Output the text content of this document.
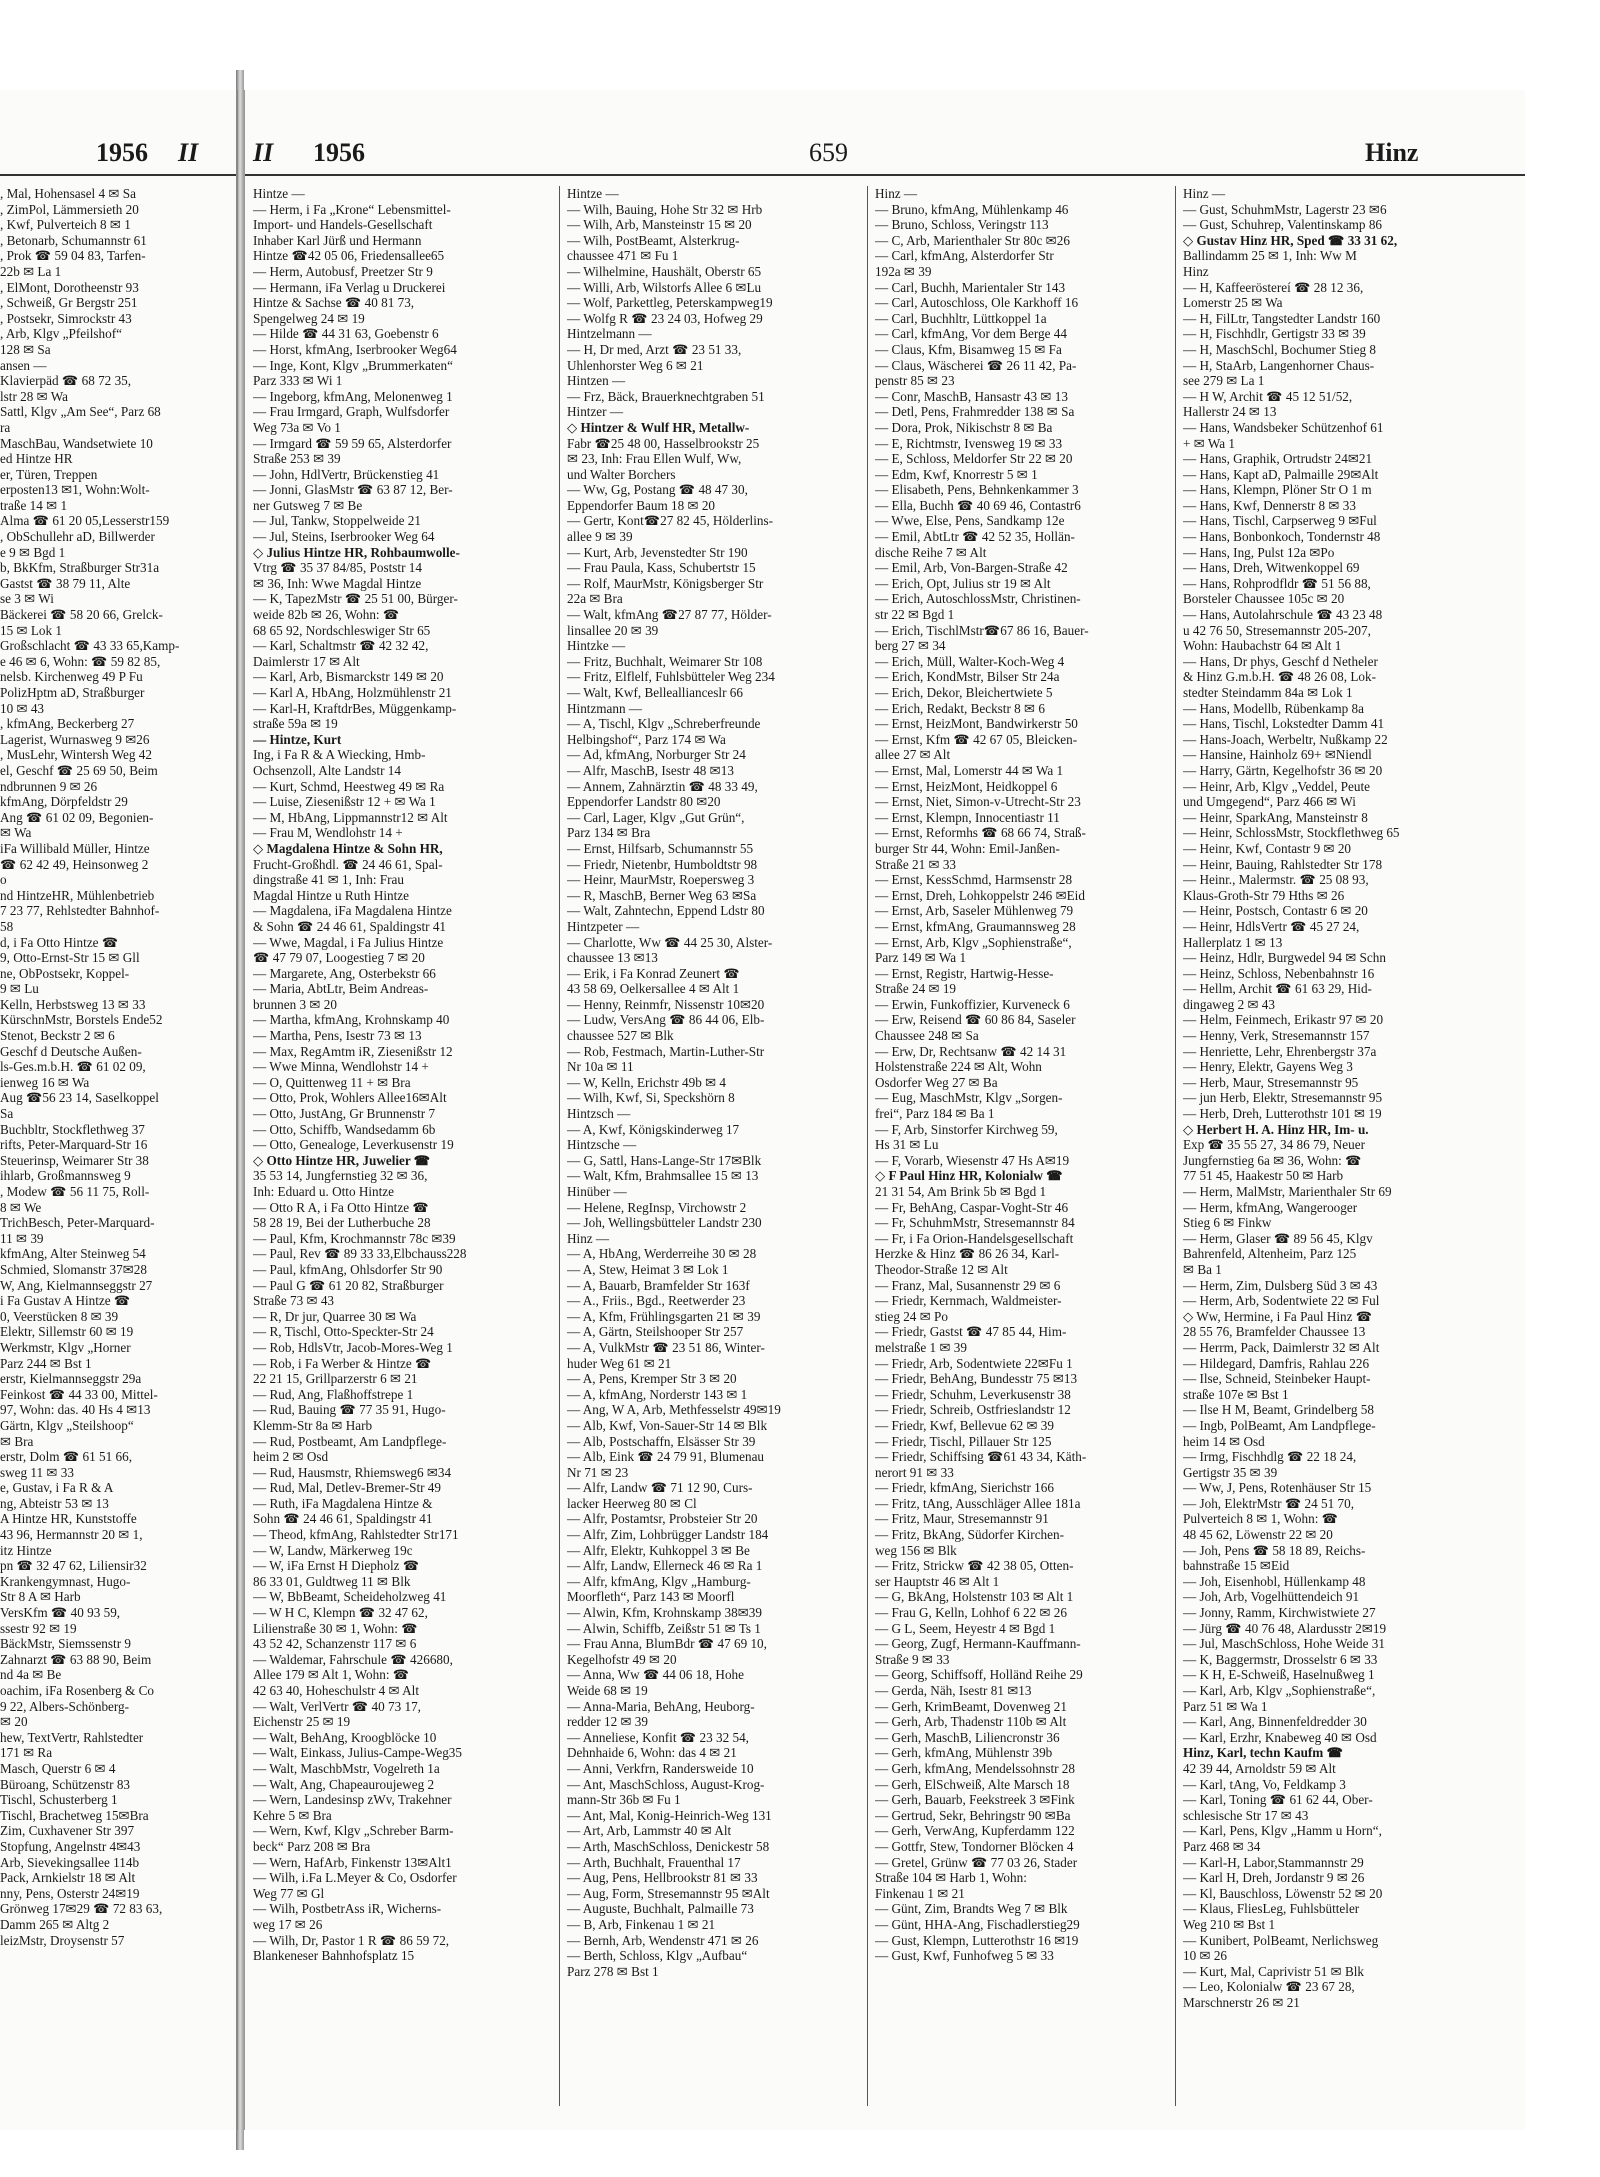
1956 II
, Mal, Hohensasel 4 ✉ Sa
, ZimPol, Lämmersieth 20
, Kwf, Pulverteich 8 ✉ 1
, Betonarb, Schumannstr 61
, Prok ☎ 59 04 83, Tarfen-
22b ✉ La 1
, ElMont, Dorotheenstr 93
, Schweiß, Gr Bergstr 251
, Postsekr, Simrockstr 43
, Arb, Klgv „Pfeilshof“
128 ✉ Sa
ansen —
Klavierpäd ☎ 68 72 35,
lstr 28 ✉ Wa
Sattl, Klgv „Am See“, Parz 68
ra
MaschBau, Wandsetwiete 10
ed Hintze HR
er, Türen, Treppen
erposten13 ✉1, Wohn:Wolt-
traße 14 ✉ 1
Alma ☎ 61 20 05,Lesserstr159
, ObSchullehr aD, Billwerder
e 9 ✉ Bgd 1
b, BkKfm, Straßburger Str31a
Gastst ☎ 38 79 11, Alte
se 3 ✉ Wi
Bäckerei ☎ 58 20 66, Grelck-
15 ✉ Lok 1
Großschlacht ☎ 43 33 65,Kamp-
e 46 ✉ 6, Wohn: ☎ 59 82 85,
nelsb. Kirchenweg 49 P Fu
PolizHptm aD, Straßburger
10 ✉ 43
, kfmAng, Beckerberg 27
Lagerist, Wurnasweg 9 ✉26
, MusLehr, Wintersh Weg 42
el, Geschf ☎ 25 69 50, Beim
ndbrunnen 9 ✉ 26
kfmAng, Dörpfeldstr 29
Ang ☎ 61 02 09, Begonien-
✉ Wa
iFa Willibald Müller, Hintze
☎ 62 42 49, Heinsonweg 2
o
nd HintzeHR, Mühlenbetrieb
7 23 77, Rehlstedter Bahnhof-
58
d, i Fa Otto Hintze ☎
9, Otto-Ernst-Str 15 ✉ Gll
ne, ObPostsekr, Koppel-
9 ✉ Lu
Kelln, Herbstsweg 13 ✉ 33
KürschnMstr, Borstels Ende52
Stenot, Beckstr 2 ✉ 6
Geschf d Deutsche Außen-
ls-Ges.m.b.H. ☎ 61 02 09,
ienweg 16 ✉ Wa
Aug ☎56 23 14, Saselkoppel
Sa
Buchbltr, Stockflethweg 37
rifts, Peter-Marquard-Str 16
Steuerinsp, Weimarer Str 38
ihlarb, Großmannsweg 9
, Modew ☎ 56 11 75, Roll-
8 ✉ We
TrichBesch, Peter-Marquard-
11 ✉ 39
kfmAng, Alter Steinweg 54
Schmied, Slomanstr 37✉28
W, Ang, Kielmannseggstr 27
i Fa Gustav A Hintze ☎
0, Veerstücken 8 ✉ 39
Elektr, Sillemstr 60 ✉ 19
Werkmstr, Klgv „Horner
Parz 244 ✉ Bst 1
erstr, Kielmannseggstr 29a
Feinkost ☎ 44 33 00, Mittel-
97, Wohn: das. 40 Hs 4 ✉13
Gärtn, Klgv „Steilshoop“
✉ Bra
erstr, Dolm ☎ 61 51 66,
sweg 11 ✉ 33
e, Gustav, i Fa R & A
ng, Abteistr 53 ✉ 13
A Hintze HR, Kunststoffe
43 96, Hermannstr 20 ✉ 1,
itz Hintze
pn ☎ 32 47 62, Liliensir32
Krankengymnast, Hugo-
Str 8 A ✉ Harb
VersKfm ☎ 40 93 59,
ssestr 92 ✉ 19
BäckMstr, Siemssenstr 9
Zahnarzt ☎ 63 88 90, Beim
nd 4a ✉ Be
oachim, iFa Rosenberg & Co
9 22, Albers-Schönberg-
✉ 20
hew, TextVertr, Rahlstedter
171 ✉ Ra
Masch, Querstr 6 ✉ 4
Büroang, Schützenstr 83
Tischl, Schusterberg 1
Tischl, Brachetweg 15✉Bra
Zim, Cuxhavener Str 397
Stopfung, Angelnstr 4✉43
Arb, Sievekingsallee 114b
Pack, Arnkielstr 18 ✉ Alt
nny, Pens, Osterstr 24✉19
Grönweg 17✉29 ☎ 72 83 63,
Damm 265 ✉ Altg 2
leizMstr, Droysenstr 57
II 1956	659	Hinz
Hintze —
— Herm, i Fa „Krone“ Lebensmittel-
Import- und Handels-Gesellschaft
Inhaber Karl Jürß und Hermann
Hintze ☎42 05 06, Friedensallee65
— Herm, Autobusf, Preetzer Str 9
— Hermann, iFa Verlag u Druckerei
Hintze & Sachse ☎ 40 81 73,
Spengelweg 24 ✉ 19
— Hilde ☎ 44 31 63, Goebenstr 6
— Horst, kfmAng, Iserbrooker Weg64
— Inge, Kont, Klgv „Brummerkaten“
Parz 333 ✉ Wi 1
— Ingeborg, kfmAng, Melonenweg 1
— Frau Irmgard, Graph, Wulfsdorfer
Weg 73a ✉ Vo 1
— Irmgard ☎ 59 59 65, Alsterdorfer
Straße 253 ✉ 39
— John, HdlVertr, Brückenstieg 41
— Jonni, GlasMstr ☎ 63 87 12, Ber-
ner Gutsweg 7 ✉ Be
— Jul, Tankw, Stoppelweide 21
— Jul, Steins, Iserbrooker Weg 64
◇ Julius Hintze HR, Rohbaumwolle-
Vtrg ☎ 35 37 84/85, Poststr 14
✉ 36, Inh: Wwe Magdal Hintze
— K, TapezMstr ☎ 25 51 00, Bürger-
weide 82b ✉ 26, Wohn: ☎
68 65 92, Nordschleswiger Str 65
— Karl, Schaltmstr ☎ 42 32 42,
Daimlerstr 17 ✉ Alt
— Karl, Arb, Bismarckstr 149 ✉ 20
— Karl A, HbAng, Holzmühlenstr 21
— Karl-H, KraftdrBes, Müggenkamp-
straße 59a ✉ 19
— Hintze, Kurt
Ing, i Fa R & A Wiecking, Hmb-
Ochsenzoll, Alte Landstr 14
— Kurt, Schmd, Heestweg 49 ✉ Ra
— Luise, Ziesenißstr 12 + ✉ Wa 1
— M, HbAng, Lippmannstr12 ✉ Alt
— Frau M, Wendlohstr 14 +
◇ Magdalena Hintze & Sohn HR,
Frucht-Großhdl. ☎ 24 46 61, Spal-
dingstraße 41 ✉ 1, Inh: Frau
Magdal Hintze u Ruth Hintze
— Magdalena, iFa Magdalena Hintze
& Sohn ☎ 24 46 61, Spaldingstr 41
— Wwe, Magdal, i Fa Julius Hintze
☎ 47 79 07, Loogestieg 7 ✉ 20
— Margarete, Ang, Osterbekstr 66
— Maria, AbtLtr, Beim Andreas-
brunnen 3 ✉ 20
— Martha, kfmAng, Krohnskamp 40
— Martha, Pens, Isestr 73 ✉ 13
— Max, RegAmtm iR, Ziesenißstr 12
— Wwe Minna, Wendlohstr 14 +
— O, Quittenweg 11 + ✉ Bra
— Otto, Prok, Wohlers Allee16✉Alt
— Otto, JustAng, Gr Brunnenstr 7
— Otto, Schiffb, Wandsedamm 6b
— Otto, Genealoge, Leverkusenstr 19
◇ Otto Hintze HR, Juwelier ☎
35 53 14, Jungfernstieg 32 ✉ 36,
Inh: Eduard u. Otto Hintze
— Otto R A, i Fa Otto Hintze ☎
58 28 19, Bei der Lutherbuche 28
— Paul, Kfm, Krochmannstr 78c ✉39
— Paul, Rev ☎ 89 33 33,Elbchauss228
— Paul, kfmAng, Ohlsdorfer Str 90
— Paul G ☎ 61 20 82, Straßburger
Straße 73 ✉ 43
— R, Dr jur, Quarree 30 ✉ Wa
— R, Tischl, Otto-Speckter-Str 24
— Rob, HdlsVtr, Jacob-Mores-Weg 1
— Rob, i Fa Werber & Hintze ☎
22 21 15, Grillparzerstr 6 ✉ 21
— Rud, Ang, Flaßhoffstrepe 1
— Rud, Bauing ☎ 77 35 91, Hugo-
Klemm-Str 8a ✉ Harb
— Rud, Postbeamt, Am Landpflege-
heim 2 ✉ Osd
— Rud, Hausmstr, Rhiemsweg6 ✉34
— Rud, Mal, Detlev-Bremer-Str 49
— Ruth, iFa Magdalena Hintze &
Sohn ☎ 24 46 61, Spaldingstr 41
— Theod, kfmAng, Rahlstedter Str171
— W, Landw, Märkerweg 19c
— W, iFa Ernst H Diepholz ☎
86 33 01, Guldtweg 11 ✉ Blk
— W, BbBeamt, Scheideholzweg 41
— W H C, Klempn ☎ 32 47 62,
Lilienstraße 30 ✉ 1, Wohn: ☎
43 52 42, Schanzenstr 117 ✉ 6
— Waldemar, Fahrschule ☎ 426680,
Allee 179 ✉ Alt 1, Wohn: ☎
42 63 40, Hoheschulstr 4 ✉ Alt
— Walt, VerlVertr ☎ 40 73 17,
Eichenstr 25 ✉ 19
— Walt, BehAng, Kroogblöcke 10
— Walt, Einkass, Julius-Campe-Weg35
— Walt, MaschbMstr, Vogelreth 1a
— Walt, Ang, Chapeauroujeweg 2
— Wern, Landesinsp zWv, Trakehner
Kehre 5 ✉ Bra
— Wern, Kwf, Klgv „Schreber Barm-
beck“ Parz 208 ✉ Bra
— Wern, HafArb, Finkenstr 13✉Alt1
— Wilh, i.Fa L.Meyer & Co, Osdorfer
Weg 77 ✉ Gl
— Wilh, PostbetrAss iR, Wicherns-
weg 17 ✉ 26
— Wilh, Dr, Pastor 1 R ☎ 86 59 72,
Blankeneser Bahnhofsplatz 15
Hintze —
— Wilh, Bauing, Hohe Str 32 ✉ Hrb
— Wilh, Arb, Mansteinstr 15 ✉ 20
— Wilh, PostBeamt, Alsterkrug-
chaussee 471 ✉ Fu 1
— Wilhelmine, Haushält, Oberstr 65
— Willi, Arb, Wilstorfs Allee 6 ✉Lu
— Wolf, Parkettleg, Peterskampweg19
— Wolfg R ☎ 23 24 03, Hofweg 29
Hintzelmann —
— H, Dr med, Arzt ☎ 23 51 33,
Uhlenhorster Weg 6 ✉ 21
Hintzen —
— Frz, Bäck, Brauerknechtgraben 51
Hintzer —
◇ Hintzer & Wulf HR, Metallw-
Fabr ☎25 48 00, Hasselbrookstr 25
✉ 23, Inh: Frau Ellen Wulf, Ww,
und Walter Borchers
— Ww, Gg, Postang ☎ 48 47 30,
Eppendorfer Baum 18 ✉ 20
— Gertr, Kont☎27 82 45, Hölderlins-
allee 9 ✉ 39
— Kurt, Arb, Jevenstedter Str 190
— Frau Paula, Kass, Schubertstr 15
— Rolf, MaurMstr, Königsberger Str
22a ✉ Bra
— Walt, kfmAng ☎27 87 77, Hölder-
linsallee 20 ✉ 39
Hintzke —
— Fritz, Buchhalt, Weimarer Str 108
— Fritz, Elflelf, Fuhlsbütteler Weg 234
— Walt, Kwf, Belleallianceslr 66
Hintzmann —
— A, Tischl, Klgv „Schreberfreunde
Helbingshof“, Parz 174 ✉ Wa
— Ad, kfmAng, Norburger Str 24
— Alfr, MaschB, Isestr 48 ✉13
— Annem, Zahnärztin ☎ 48 33 49,
Eppendorfer Landstr 80 ✉20
— Carl, Lager, Klgv „Gut Grün“,
Parz 134 ✉ Bra
— Ernst, Hilfsarb, Schumannstr 55
— Friedr, Nietenbr, Humboldtstr 98
— Heinr, MaurMstr, Roepersweg 3
— R, MaschB, Berner Weg 63 ✉Sa
— Walt, Zahntechn, Eppend Ldstr 80
Hintzpeter —
— Charlotte, Ww ☎ 44 25 30, Alster-
chaussee 13 ✉13
— Erik, i Fa Konrad Zeunert ☎
43 58 69, Oelkersallee 4 ✉ Alt 1
— Henny, Reinmfr, Nissenstr 10✉20
— Ludw, VersAng ☎ 86 44 06, Elb-
chaussee 527 ✉ Blk
— Rob, Festmach, Martin-Luther-Str
Nr 10a ✉ 11
— W, Kelln, Erichstr 49b ✉ 4
— Wilh, Kwf, Si, Speckshörn 8
Hintzsch —
— A, Kwf, Königskinderweg 17
Hintzsche —
— G, Sattl, Hans-Lange-Str 17✉Blk
— Walt, Kfm, Brahmsallee 15 ✉ 13
Hinüber —
— Helene, RegInsp, Virchowstr 2
— Joh, Wellingsbütteler Landstr 230
Hinz —
— A, HbAng, Werderreihe 30 ✉ 28
— A, Stew, Heimat 3 ✉ Lok 1
— A, Bauarb, Bramfelder Str 163f
— A., Friis., Bgd., Reetwerder 23
— A, Kfm, Frühlingsgarten 21 ✉ 39
— A, Gärtn, Steilshooper Str 257
— A, VulkMstr ☎ 23 51 86, Winter-
huder Weg 61 ✉ 21
— A, Pens, Kremper Str 3 ✉ 20
— A, kfmAng, Norderstr 143 ✉ 1
— Ang, W A, Arb, Methfesselstr 49✉19
— Alb, Kwf, Von-Sauer-Str 14 ✉ Blk
— Alb, Postschaffn, Elsässer Str 39
— Alb, Eink ☎ 24 79 91, Blumenau
Nr 71 ✉ 23
— Alfr, Landw ☎ 71 12 90, Curs-
lacker Heerweg 80 ✉ Cl
— Alfr, Postamtsr, Probsteier Str 20
— Alfr, Zim, Lohbrügger Landstr 184
— Alfr, Elektr, Kuhkoppel 3 ✉ Be
— Alfr, Landw, Ellerneck 46 ✉ Ra 1
— Alfr, kfmAng, Klgv „Hamburg-
Moorfleth“, Parz 143 ✉ Moorfl
— Alwin, Kfm, Krohnskamp 38✉39
— Alwin, Schiffb, Zeißstr 51 ✉ Ts 1
— Frau Anna, BlumBdr ☎ 47 69 10,
Kegelhofstr 49 ✉ 20
— Anna, Ww ☎ 44 06 18, Hohe
Weide 68 ✉ 19
— Anna-Maria, BehAng, Heuborg-
redder 12 ✉ 39
— Anneliese, Konfit ☎ 23 32 54,
Dehnhaide 6, Wohn: das 4 ✉ 21
— Anni, Verkfrn, Randersweide 10
— Ant, MaschSchloss, August-Krog-
mann-Str 36b ✉ Fu 1
— Ant, Mal, Konig-Heinrich-Weg 131
— Art, Arb, Lammstr 40 ✉ Alt
— Arth, MaschSchloss, Denickestr 58
— Arth, Buchhalt, Frauenthal 17
— Aug, Pens, Hellbrookstr 81 ✉ 33
— Aug, Form, Stresemannstr 95 ✉Alt
— Auguste, Buchhalt, Palmaille 73
— B, Arb, Finkenau 1 ✉ 21
— Bernh, Arb, Wendenstr 471 ✉ 26
— Berth, Schloss, Klgv „Aufbau“
Parz 278 ✉ Bst 1
Hinz —
— Bruno, kfmAng, Mühlenkamp 46
— Bruno, Schloss, Veringstr 113
— C, Arb, Marienthaler Str 80c ✉26
— Carl, kfmAng, Alsterdorfer Str
192a ✉ 39
— Carl, Buchh, Marientaler Str 143
— Carl, Autoschloss, Ole Karkhoff 16
— Carl, Buchhltr, Lüttkoppel 1a
— Carl, kfmAng, Vor dem Berge 44
— Claus, Kfm, Bisamweg 15 ✉ Fa
— Claus, Wäscherei ☎ 26 11 42, Pa-
penstr 85 ✉ 23
— Conr, MaschB, Hansastr 43 ✉ 13
— Detl, Pens, Frahmredder 138 ✉ Sa
— Dora, Prok, Nikischstr 8 ✉ Ba
— E, Richtmstr, Ivensweg 19 ✉ 33
— E, Schloss, Meldorfer Str 22 ✉ 20
— Edm, Kwf, Knorrestr 5 ✉ 1
— Elisabeth, Pens, Behnkenkammer 3
— Ella, Buchh ☎ 40 69 46, Contastr6
— Wwe, Else, Pens, Sandkamp 12e
— Emil, AbtLtr ☎ 42 52 35, Hollän-
dische Reihe 7 ✉ Alt
— Emil, Arb, Von-Bargen-Straße 42
— Erich, Opt, Julius str 19 ✉ Alt
— Erich, AutoschlossMstr, Christinen-
str 22 ✉ Bgd 1
— Erich, TischlMstr☎67 86 16, Bauer-
berg 27 ✉ 34
— Erich, Müll, Walter-Koch-Weg 4
— Erich, KondMstr, Bilser Str 24a
— Erich, Dekor, Bleichertwiete 5
— Erich, Redakt, Beckstr 8 ✉ 6
— Ernst, HeizMont, Bandwirkerstr 50
— Ernst, Kfm ☎ 42 67 05, Bleicken-
allee 27 ✉ Alt
— Ernst, Mal, Lomerstr 44 ✉ Wa 1
— Ernst, HeizMont, Heidkoppel 6
— Ernst, Niet, Simon-v-Utrecht-Str 23
— Ernst, Klempn, Innocentiastr 11
— Ernst, Reformhs ☎ 68 66 74, Straß-
burger Str 44, Wohn: Emil-Janßen-
Straße 21 ✉ 33
— Ernst, KessSchmd, Harmsenstr 28
— Ernst, Dreh, Lohkoppelstr 246 ✉Eid
— Ernst, Arb, Saseler Mühlenweg 79
— Ernst, kfmAng, Graumannsweg 28
— Ernst, Arb, Klgv „Sophienstraße“,
Parz 149 ✉ Wa 1
— Ernst, Registr, Hartwig-Hesse-
Straße 24 ✉ 19
— Erwin, Funkoffizier, Kurveneck 6
— Erw, Reisend ☎ 60 86 84, Saseler
Chaussee 248 ✉ Sa
— Erw, Dr, Rechtsanw ☎ 42 14 31
Holstenstraße 224 ✉ Alt, Wohn
Osdorfer Weg 27 ✉ Ba
— Eug, MaschMstr, Klgv „Sorgen-
frei“, Parz 184 ✉ Ba 1
— F, Arb, Sinstorfer Kirchweg 59,
Hs 31 ✉ Lu
— F, Vorarb, Wiesenstr 47 Hs A✉19
◇ F Paul Hinz HR, Kolonialw ☎
21 31 54, Am Brink 5b ✉ Bgd 1
— Fr, BehAng, Caspar-Voght-Str 46
— Fr, SchuhmMstr, Stresemannstr 84
— Fr, i Fa Orion-Handelsgesellschaft
Herzke & Hinz ☎ 86 26 34, Karl-
Theodor-Straße 12 ✉ Alt
— Franz, Mal, Susannenstr 29 ✉ 6
— Friedr, Kernmach, Waldmeister-
stieg 24 ✉ Po
— Friedr, Gastst ☎ 47 85 44, Him-
melstraße 1 ✉ 39
— Friedr, Arb, Sodentwiete 22✉Fu 1
— Friedr, BehAng, Bundesstr 75 ✉13
— Friedr, Schuhm, Leverkusenstr 38
— Friedr, Schreib, Ostfrieslandstr 12
— Friedr, Kwf, Bellevue 62 ✉ 39
— Friedr, Tischl, Pillauer Str 125
— Friedr, Schiffsing ☎61 43 34, Käth-
nerort 91 ✉ 33
— Friedr, kfmAng, Sierichstr 166
— Fritz, tAng, Ausschläger Allee 181a
— Fritz, Maur, Stresemannstr 91
— Fritz, BkAng, Südorfer Kirchen-
weg 156 ✉ Blk
— Fritz, Strickw ☎ 42 38 05, Otten-
ser Hauptstr 46 ✉ Alt 1
— G, BkAng, Holstenstr 103 ✉ Alt 1
— Frau G, Kelln, Lohhof 6 22 ✉ 26
— G L, Seem, Heyestr 4 ✉ Bgd 1
— Georg, Zugf, Hermann-Kauffmann-
Straße 9 ✉ 33
— Georg, Schiffsoff, Holländ Reihe 29
— Gerda, Näh, Isestr 81 ✉13
— Gerh, KrimBeamt, Dovenweg 21
— Gerh, Arb, Thadenstr 110b ✉ Alt
— Gerh, MaschB, Liliencronstr 36
— Gerh, kfmAng, Mühlenstr 39b
— Gerh, kfmAng, Mendelssohnstr 28
— Gerh, ElSchweiß, Alte Marsch 18
— Gerh, Bauarb, Feekstreek 3 ✉Fink
— Gertrud, Sekr, Behringstr 90 ✉Ba
— Gerh, VerwAng, Kupferdamm 122
— Gottfr, Stew, Tondorner Blöcken 4
— Gretel, Grünw ☎ 77 03 26, Stader
Straße 104 ✉ Harb 1, Wohn:
Finkenau 1 ✉ 21
— Günt, Zim, Brandts Weg 7 ✉ Blk
— Günt, HHA-Ang, Fischadlerstieg29
— Gust, Klempn, Lutterothstr 16 ✉19
— Gust, Kwf, Funhofweg 5 ✉ 33
Hinz —
— Gust, SchuhmMstr, Lagerstr 23 ✉6
— Gust, Schuhrep, Valentinskamp 86
◇ Gustav Hinz HR, Sped ☎ 33 31 62,
Ballindamm 25 ✉ 1, Inh: Ww M
Hinz
— H, Kaffeeröstereí ☎ 28 12 36,
Lomerstr 25 ✉ Wa
— H, FilLtr, Tangstedter Landstr 160
— H, Fischhdlr, Gertigstr 33 ✉ 39
— H, MaschSchl, Bochumer Stieg 8
— H, StaArb, Langenhorner Chaus-
see 279 ✉ La 1
— H W, Archit ☎ 45 12 51/52,
Hallerstr 24 ✉ 13
— Hans, Wandsbeker Schützenhof 61
+ ✉ Wa 1
— Hans, Graphik, Ortrudstr 24✉21
— Hans, Kapt aD, Palmaille 29✉Alt
— Hans, Klempn, Plöner Str O 1 m
— Hans, Kwf, Dennerstr 8 ✉ 33
— Hans, Tischl, Carpserweg 9 ✉Ful
— Hans, Bonbonkoch, Tondernstr 48
— Hans, Ing, Pulst 12a ✉Po
— Hans, Dreh, Witwenkoppel 69
— Hans, Rohprodfldr ☎ 51 56 88,
Borsteler Chaussee 105c ✉ 20
— Hans, Autolahrschule ☎ 43 23 48
u 42 76 50, Stresemannstr 205-207,
Wohn: Haubachstr 64 ✉ Alt 1
— Hans, Dr phys, Geschf d Netheler
& Hinz G.m.b.H. ☎ 48 26 08, Lok-
stedter Steindamm 84a ✉ Lok 1
— Hans, Modellb, Rübenkamp 8a
— Hans, Tischl, Lokstedter Damm 41
— Hans-Joach, Werbeltr, Nußkamp 22
— Hansine, Hainholz 69+ ✉Niendl
— Harry, Gärtn, Kegelhofstr 36 ✉ 20
— Heinr, Arb, Klgv „Veddel, Peute
und Umgegend“, Parz 466 ✉ Wi
— Heinr, SparkAng, Mansteinstr 8
— Heinr, SchlossMstr, Stockflethweg 65
— Heinr, Kwf, Contastr 9 ✉ 20
— Heinr, Bauing, Rahlstedter Str 178
— Heinr., Malermstr. ☎ 25 08 93,
Klaus-Groth-Str 79 Hths ✉ 26
— Heinr, Postsch, Contastr 6 ✉ 20
— Heinr, HdlsVertr ☎ 45 27 24,
Hallerplatz 1 ✉ 13
— Heinz, Hdlr, Burgwedel 94 ✉ Schn
— Heinz, Schloss, Nebenbahnstr 16
— Hellm, Archit ☎ 61 63 29, Hid-
dingaweg 2 ✉ 43
— Helm, Feinmech, Erikastr 97 ✉ 20
— Henny, Verk, Stresemannstr 157
— Henriette, Lehr, Ehrenbergstr 37a
— Henry, Elektr, Gayens Weg 3
— Herb, Maur, Stresemannstr 95
— jun Herb, Elektr, Stresemannstr 95
— Herb, Dreh, Lutterothstr 101 ✉ 19
◇ Herbert H. A. Hinz HR, Im- u.
Exp ☎ 35 55 27, 34 86 79, Neuer
Jungfernstieg 6a ✉ 36, Wohn: ☎
77 51 45, Haakestr 50 ✉ Harb
— Herm, MalMstr, Marienthaler Str 69
— Herm, kfmAng, Wangerooger
Stieg 6 ✉ Finkw
— Herm, Glaser ☎ 89 56 45, Klgv
Bahrenfeld, Altenheim, Parz 125
✉ Ba 1
— Herm, Zim, Dulsberg Süd 3 ✉ 43
— Herm, Arb, Sodentwiete 22 ✉ Ful
◇ Ww, Hermine, i Fa Paul Hinz ☎
28 55 76, Bramfelder Chaussee 13
— Herrm, Pack, Daimlerstr 32 ✉ Alt
— Hildegard, Damfris, Rahlau 226
— Ilse, Schneid, Steinbeker Haupt-
straße 107e ✉ Bst 1
— Ilse H M, Beamt, Grindelberg 58
— Ingb, PolBeamt, Am Landpflege-
heim 14 ✉ Osd
— Irmg, Fischhdlg ☎ 22 18 24,
Gertigstr 35 ✉ 39
— Ww, J, Pens, Rotenhäuser Str 15
— Joh, ElektrMstr ☎ 24 51 70,
Pulverteich 8 ✉ 1, Wohn: ☎
48 45 62, Löwenstr 22 ✉ 20
— Joh, Pens ☎ 58 18 89, Reichs-
bahnstraße 15 ✉Eid
— Joh, Eisenhobl, Hüllenkamp 48
— Joh, Arb, Vogelhüttendeich 91
— Jonny, Ramm, Kirchwistwiete 27
— Jürg ☎ 40 76 48, Alardusstr 2✉19
— Jul, MaschSchloss, Hohe Weide 31
— K, Baggermstr, Drosselstr 6 ✉ 33
— K H, E-Schweiß, Haselnußweg 1
— Karl, Arb, Klgv „Sophienstraße“,
Parz 51 ✉ Wa 1
— Karl, Ang, Binnenfeldredder 30
— Karl, Erzhr, Knabeweg 40 ✉ Osd
Hinz, Karl, techn Kaufm ☎
42 39 44, Arnoldstr 59 ✉ Alt
— Karl, tAng, Vo, Feldkamp 3
— Karl, Toning ☎ 61 62 44, Ober-
schlesische Str 17 ✉ 43
— Karl, Pens, Klgv „Hamm u Horn“,
Parz 468 ✉ 34
— Karl-H, Labor,Stammannstr 29
— Karl H, Dreh, Jordanstr 9 ✉ 26
— Kl, Bauschloss, Löwenstr 52 ✉ 20
— Klaus, FliesLeg, Fuhlsbütteler
Weg 210 ✉ Bst 1
— Kunibert, PolBeamt, Nerlichsweg
10 ✉ 26
— Kurt, Mal, Caprivistr 51 ✉ Blk
— Leo, Kolonialw ☎ 23 67 28,
Marschnerstr 26 ✉ 21
